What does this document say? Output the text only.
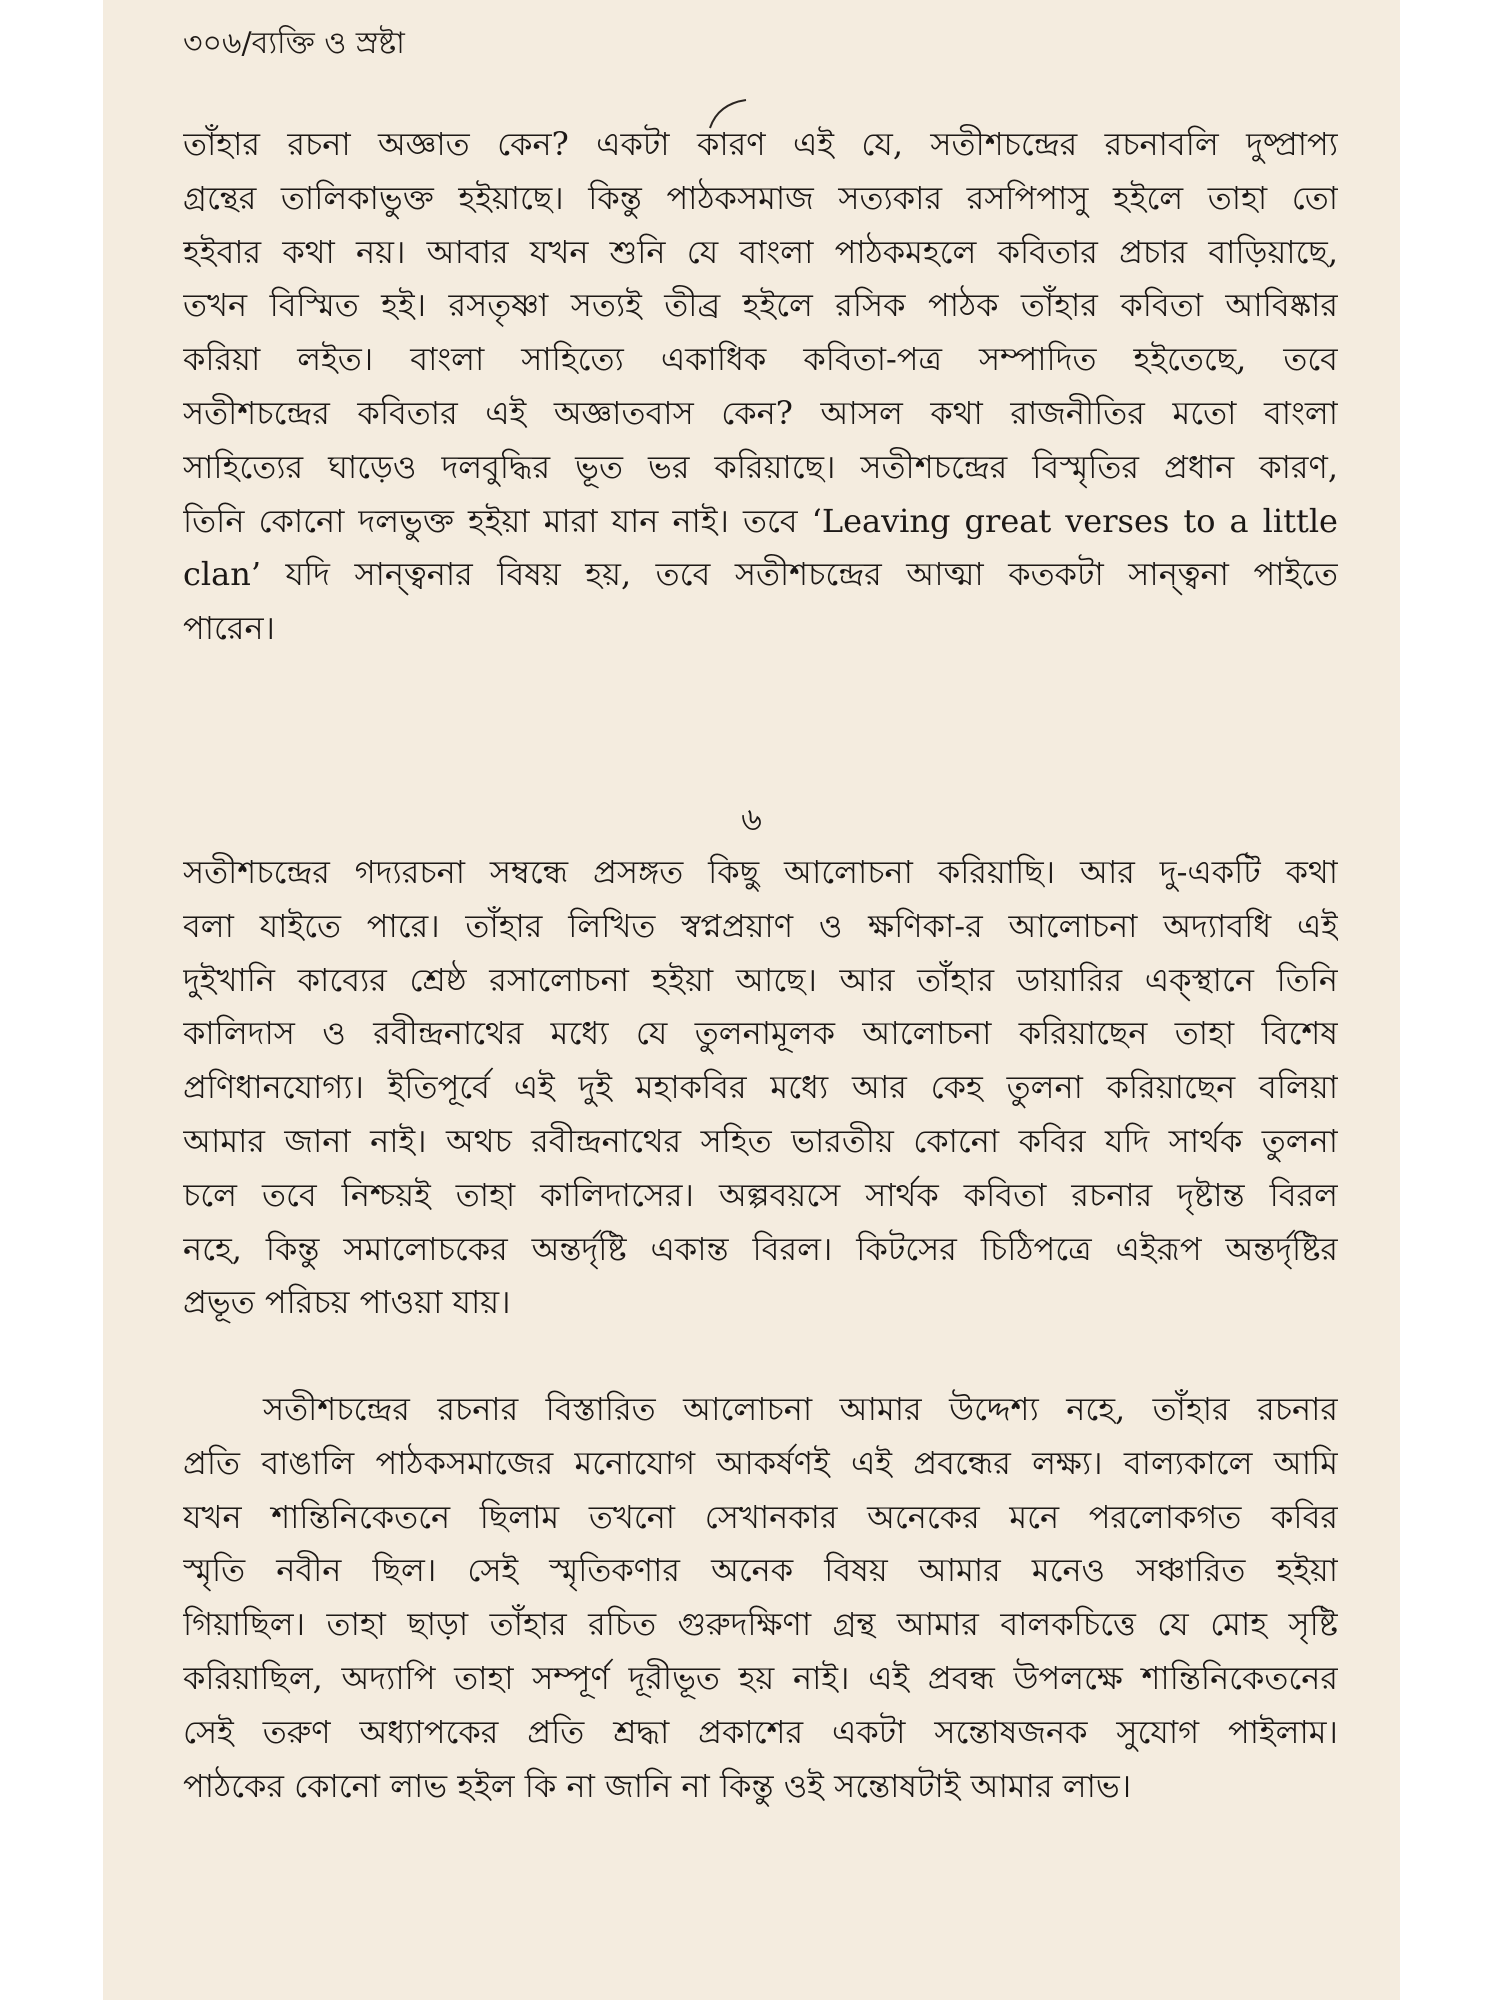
৩০৬/ব্যক্তি ও স্রষ্টা
তাঁহার রচনা অজ্ঞাত কেন? একটা কারণ এই যে, সতীশচন্দ্রের রচনাবলি দুষ্প্রাপ্য
গ্রন্থের তালিকাভুক্ত হইয়াছে। কিন্তু পাঠকসমাজ সত্যকার রসপিপাসু হইলে তাহা তো
হইবার কথা নয়। আবার যখন শুনি যে বাংলা পাঠকমহলে কবিতার প্রচার বাড়িয়াছে,
তখন বিস্মিত হই। রসতৃষ্ণা সত্যই তীব্র হইলে রসিক পাঠক তাঁহার কবিতা আবিষ্কার
করিয়া লইত। বাংলা সাহিত্যে একাধিক কবিতা-পত্র সম্পাদিত হইতেছে, তবে
সতীশচন্দ্রের কবিতার এই অজ্ঞাতবাস কেন? আসল কথা রাজনীতির মতো বাংলা
সাহিত্যের ঘাড়েও দলবুদ্ধির ভূত ভর করিয়াছে। সতীশচন্দ্রের বিস্মৃতির প্রধান কারণ,
তিনি কোনো দলভুক্ত হইয়া মারা যান নাই। তবে ‘Leaving great verses to a little
clan’ যদি সান্ত্বনার বিষয় হয়, তবে সতীশচন্দ্রের আত্মা কতকটা সান্ত্বনা পাইতে
পারেন।
৬
সতীশচন্দ্রের গদ্যরচনা সম্বন্ধে প্রসঙ্গত কিছু আলোচনা করিয়াছি। আর দু-একটি কথা
বলা যাইতে পারে। তাঁহার লিখিত স্বপ্নপ্রয়াণ ও ক্ষণিকা-র আলোচনা অদ্যাবধি এই
দুইখানি কাব্যের শ্রেষ্ঠ রসালোচনা হইয়া আছে। আর তাঁহার ডায়ারির এক্‌স্থানে তিনি
কালিদাস ও রবীন্দ্রনাথের মধ্যে যে তুলনামূলক আলোচনা করিয়াছেন তাহা বিশেষ
প্রণিধানযোগ্য। ইতিপূর্বে এই দুই মহাকবির মধ্যে আর কেহ তুলনা করিয়াছেন বলিয়া
আমার জানা নাই। অথচ রবীন্দ্রনাথের সহিত ভারতীয় কোনো কবির যদি সার্থক তুলনা
চলে তবে নিশ্চয়ই তাহা কালিদাসের। অল্পবয়সে সার্থক কবিতা রচনার দৃষ্টান্ত বিরল
নহে, কিন্তু সমালোচকের অন্তর্দৃষ্টি একান্ত বিরল। কিটসের চিঠিপত্রে এইরূপ অন্তর্দৃষ্টির
প্রভূত পরিচয় পাওয়া যায়।
সতীশচন্দ্রের রচনার বিস্তারিত আলোচনা আমার উদ্দেশ্য নহে, তাঁহার রচনার
প্রতি বাঙালি পাঠকসমাজের মনোযোগ আকর্ষণই এই প্রবন্ধের লক্ষ্য। বাল্যকালে আমি
যখন শান্তিনিকেতনে ছিলাম তখনো সেখানকার অনেকের মনে পরলোকগত কবির
স্মৃতি নবীন ছিল। সেই স্মৃতিকণার অনেক বিষয় আমার মনেও সঞ্চারিত হইয়া
গিয়াছিল। তাহা ছাড়া তাঁহার রচিত গুরুদক্ষিণা গ্রন্থ আমার বালকচিত্তে যে মোহ সৃষ্টি
করিয়াছিল, অদ্যাপি তাহা সম্পূর্ণ দূরীভূত হয় নাই। এই প্রবন্ধ উপলক্ষে শান্তিনিকেতনের
সেই তরুণ অধ্যাপকের প্রতি শ্রদ্ধা প্রকাশের একটা সন্তোষজনক সুযোগ পাইলাম।
পাঠকের কোনো লাভ হইল কি না জানি না কিন্তু ওই সন্তোষটাই আমার লাভ।
